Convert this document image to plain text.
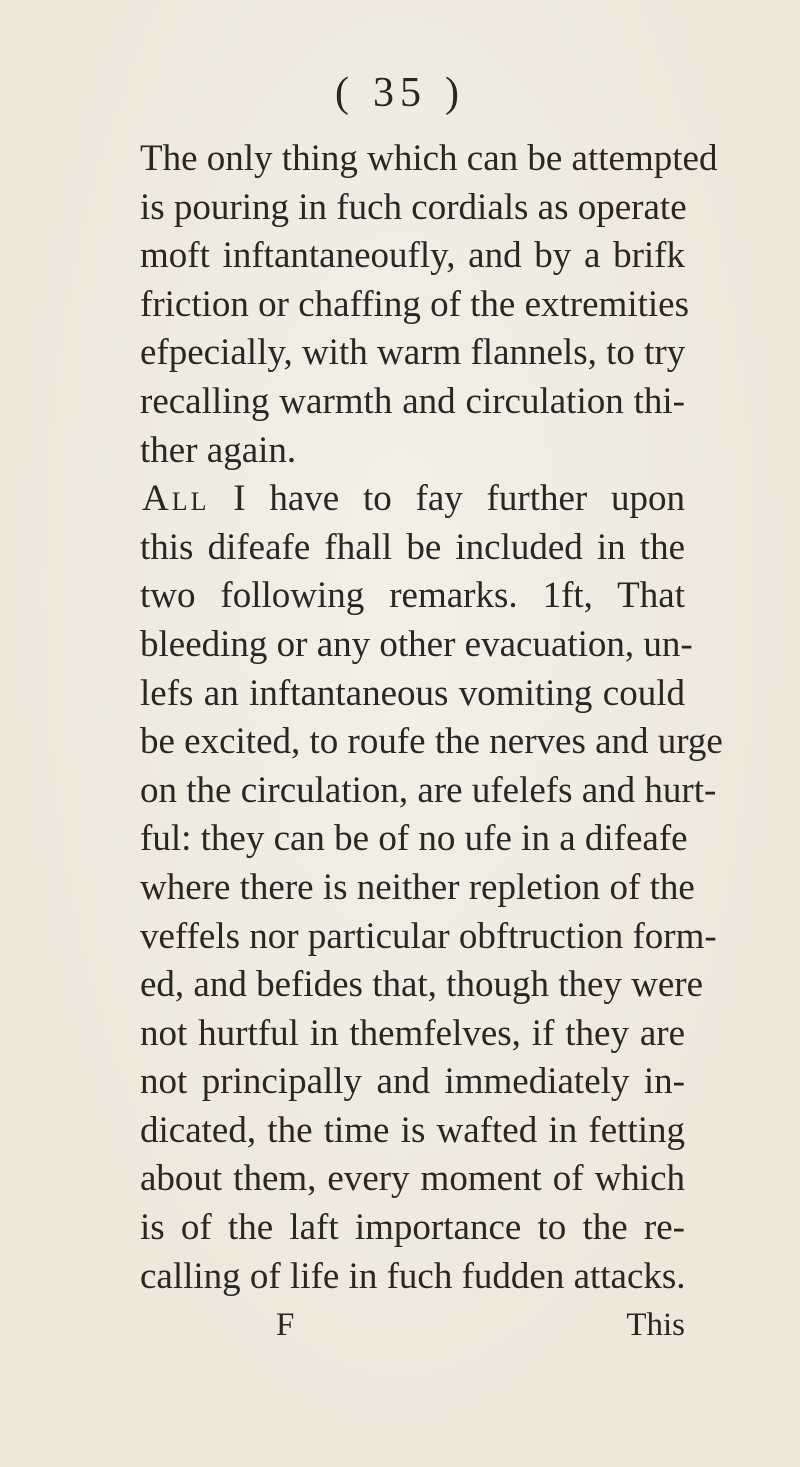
( 35 )
The only thing which can be attempted
is pouring in fuch cordials as operate
moft inftantaneoufly, and by a brifk
friction or chaffing of the extremities
efpecially, with warm flannels, to try
recalling warmth and circulation thi-
ther again.
All I have to fay further upon
this difeafe fhall be included in the
two following remarks. 1ft, That
bleeding or any other evacuation, un-
lefs an inftantaneous vomiting could
be excited, to roufe the nerves and urge
on the circulation, are ufelefs and hurt-
ful: they can be of no ufe in a difeafe
where there is neither repletion of the
veffels nor particular obftruction form-
ed, and befides that, though they were
not hurtful in themfelves, if they are
not principally and immediately in-
dicated, the time is wafted in fetting
about them, every moment of which
is of the laft importance to the re-
calling of life in fuch fudden attacks.
F	This
